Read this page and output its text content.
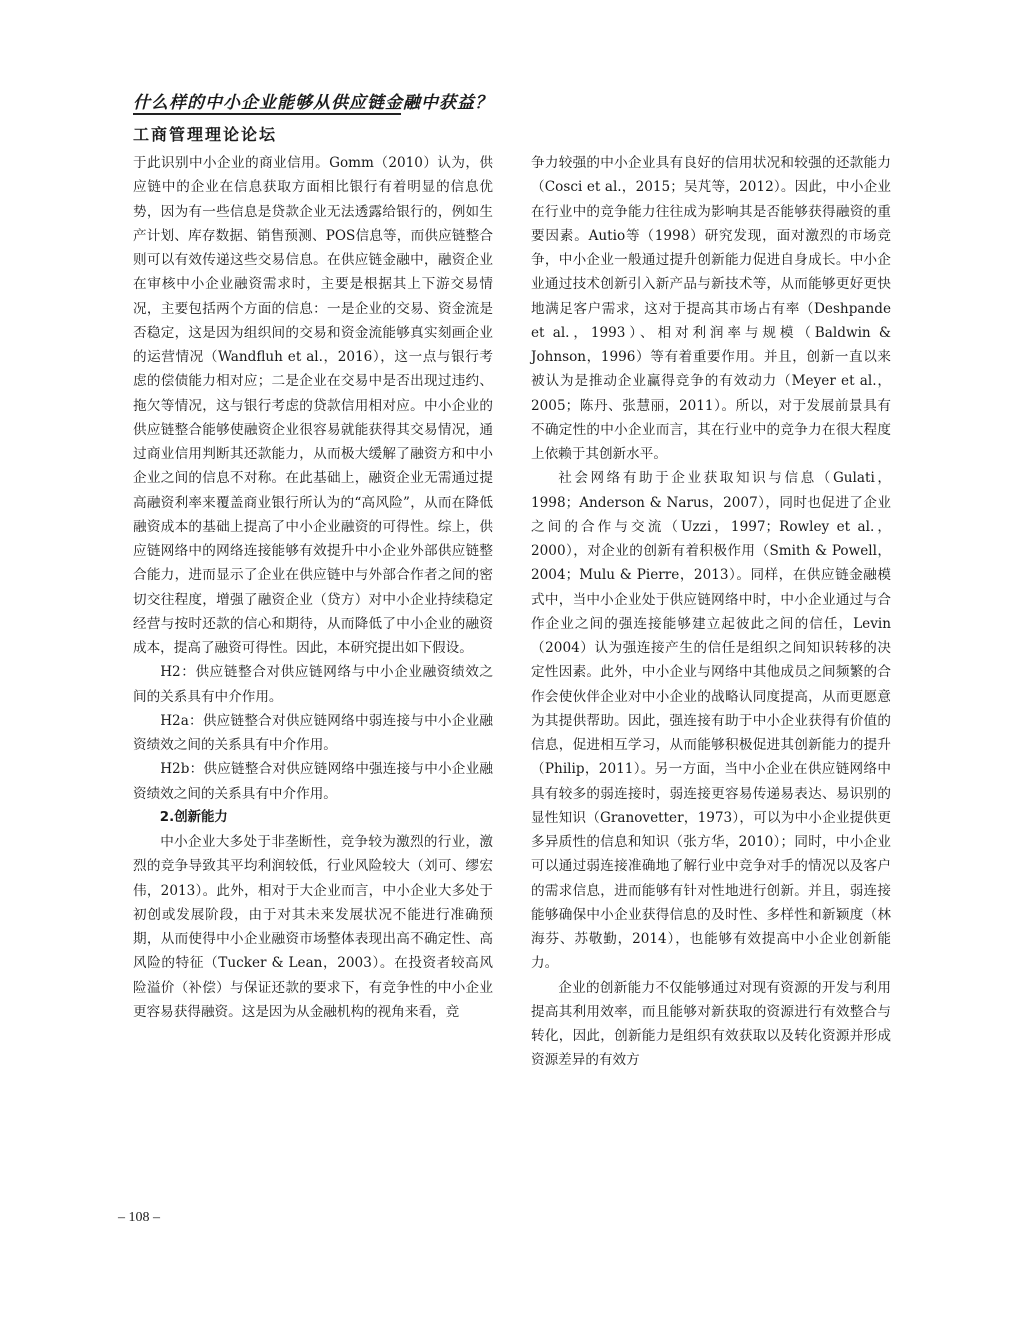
什么样的中小企业能够从供应链金融中获益？
工商管理理论论坛

于此识别中小企业的商业信用。Gomm（2010）认为，供应链中的企业在信息获取方面相比银行有着明显的信息优势，因为有一些信息是贷款企业无法透露给银行的，例如生产计划、库存数据、销售预测、POS信息等，而供应链整合则可以有效传递这些交易信息。在供应链金融中，融资企业在审核中小企业融资需求时，主要是根据其上下游交易情况，主要包括两个方面的信息：一是企业的交易、资金流是否稳定，这是因为组织间的交易和资金流能够真实刻画企业的运营情况（Wandfluh et al.，2016），这一点与银行考虑的偿债能力相对应；二是企业在交易中是否出现过违约、拖欠等情况，这与银行考虑的贷款信用相对应。中小企业的供应链整合能够使融资企业很容易就能获得其交易情况，通过商业信用判断其还款能力，从而极大缓解了融资方和中小企业之间的信息不对称。在此基础上，融资企业无需通过提高融资利率来覆盖商业银行所认为的“高风险”，从而在降低融资成本的基础上提高了中小企业融资的可得性。综上，供应链网络中的网络连接能够有效提升中小企业外部供应链整合能力，进而显示了企业在供应链中与外部合作者之间的密切交往程度，增强了融资企业（贷方）对中小企业持续稳定经营与按时还款的信心和期待，从而降低了中小企业的融资成本，提高了融资可得性。因此，本研究提出如下假设。

H2：供应链整合对供应链网络与中小企业融资绩效之间的关系具有中介作用。

H2a：供应链整合对供应链网络中弱连接与中小企业融资绩效之间的关系具有中介作用。

H2b：供应链整合对供应链网络中强连接与中小企业融资绩效之间的关系具有中介作用。

2.创新能力

中小企业大多处于非垄断性，竞争较为激烈的行业，激烈的竞争导致其平均利润较低，行业风险较大（刘可、缪宏伟，2013）。此外，相对于大企业而言，中小企业大多处于初创或发展阶段，由于对其未来发展状况不能进行准确预期，从而使得中小企业融资市场整体表现出高不确定性、高风险的特征（Tucker & Lean，2003）。在投资者较高风险溢价（补偿）与保证还款的要求下，有竞争性的中小企业更容易获得融资。这是因为从金融机构的视角来看，竞

争力较强的中小企业具有良好的信用状况和较强的还款能力（Cosci et al.，2015；吴芃等，2012）。因此，中小企业在行业中的竞争能力往往成为影响其是否能够获得融资的重要因素。Autio等（1998）研究发现，面对激烈的市场竞争，中小企业一般通过提升创新能力促进自身成长。中小企业通过技术创新引入新产品与新技术等，从而能够更好更快地满足客户需求，这对于提高其市场占有率（Deshpande et al.，1993）、相对利润率与规模（Baldwin & Johnson，1996）等有着重要作用。并且，创新一直以来被认为是推动企业赢得竞争的有效动力（Meyer et al.，2005；陈丹、张慧丽，2011）。所以，对于发展前景具有不确定性的中小企业而言，其在行业中的竞争力在很大程度上依赖于其创新水平。

社会网络有助于企业获取知识与信息（Gulati，1998；Anderson & Narus，2007），同时也促进了企业之间的合作与交流（Uzzi，1997；Rowley et al.，2000），对企业的创新有着积极作用（Smith & Powell，2004；Mulu & Pierre，2013）。同样，在供应链金融模式中，当中小企业处于供应链网络中时，中小企业通过与合作企业之间的强连接能够建立起彼此之间的信任，Levin（2004）认为强连接产生的信任是组织之间知识转移的决定性因素。此外，中小企业与网络中其他成员之间频繁的合作会使伙伴企业对中小企业的战略认同度提高，从而更愿意为其提供帮助。因此，强连接有助于中小企业获得有价值的信息，促进相互学习，从而能够积极促进其创新能力的提升（Philip，2011）。另一方面，当中小企业在供应链网络中具有较多的弱连接时，弱连接更容易传递易表达、易识别的显性知识（Granovetter，1973），可以为中小企业提供更多异质性的信息和知识（张方华，2010）；同时，中小企业可以通过弱连接准确地了解行业中竞争对手的情况以及客户的需求信息，进而能够有针对性地进行创新。并且，弱连接能够确保中小企业获得信息的及时性、多样性和新颖度（林海芬、苏敬勤，2014），也能够有效提高中小企业创新能力。

企业的创新能力不仅能够通过对现有资源的开发与利用提高其利用效率，而且能够对新获取的资源进行有效整合与转化，因此，创新能力是组织有效获取以及转化资源并形成资源差异的有效方

– 108 –
